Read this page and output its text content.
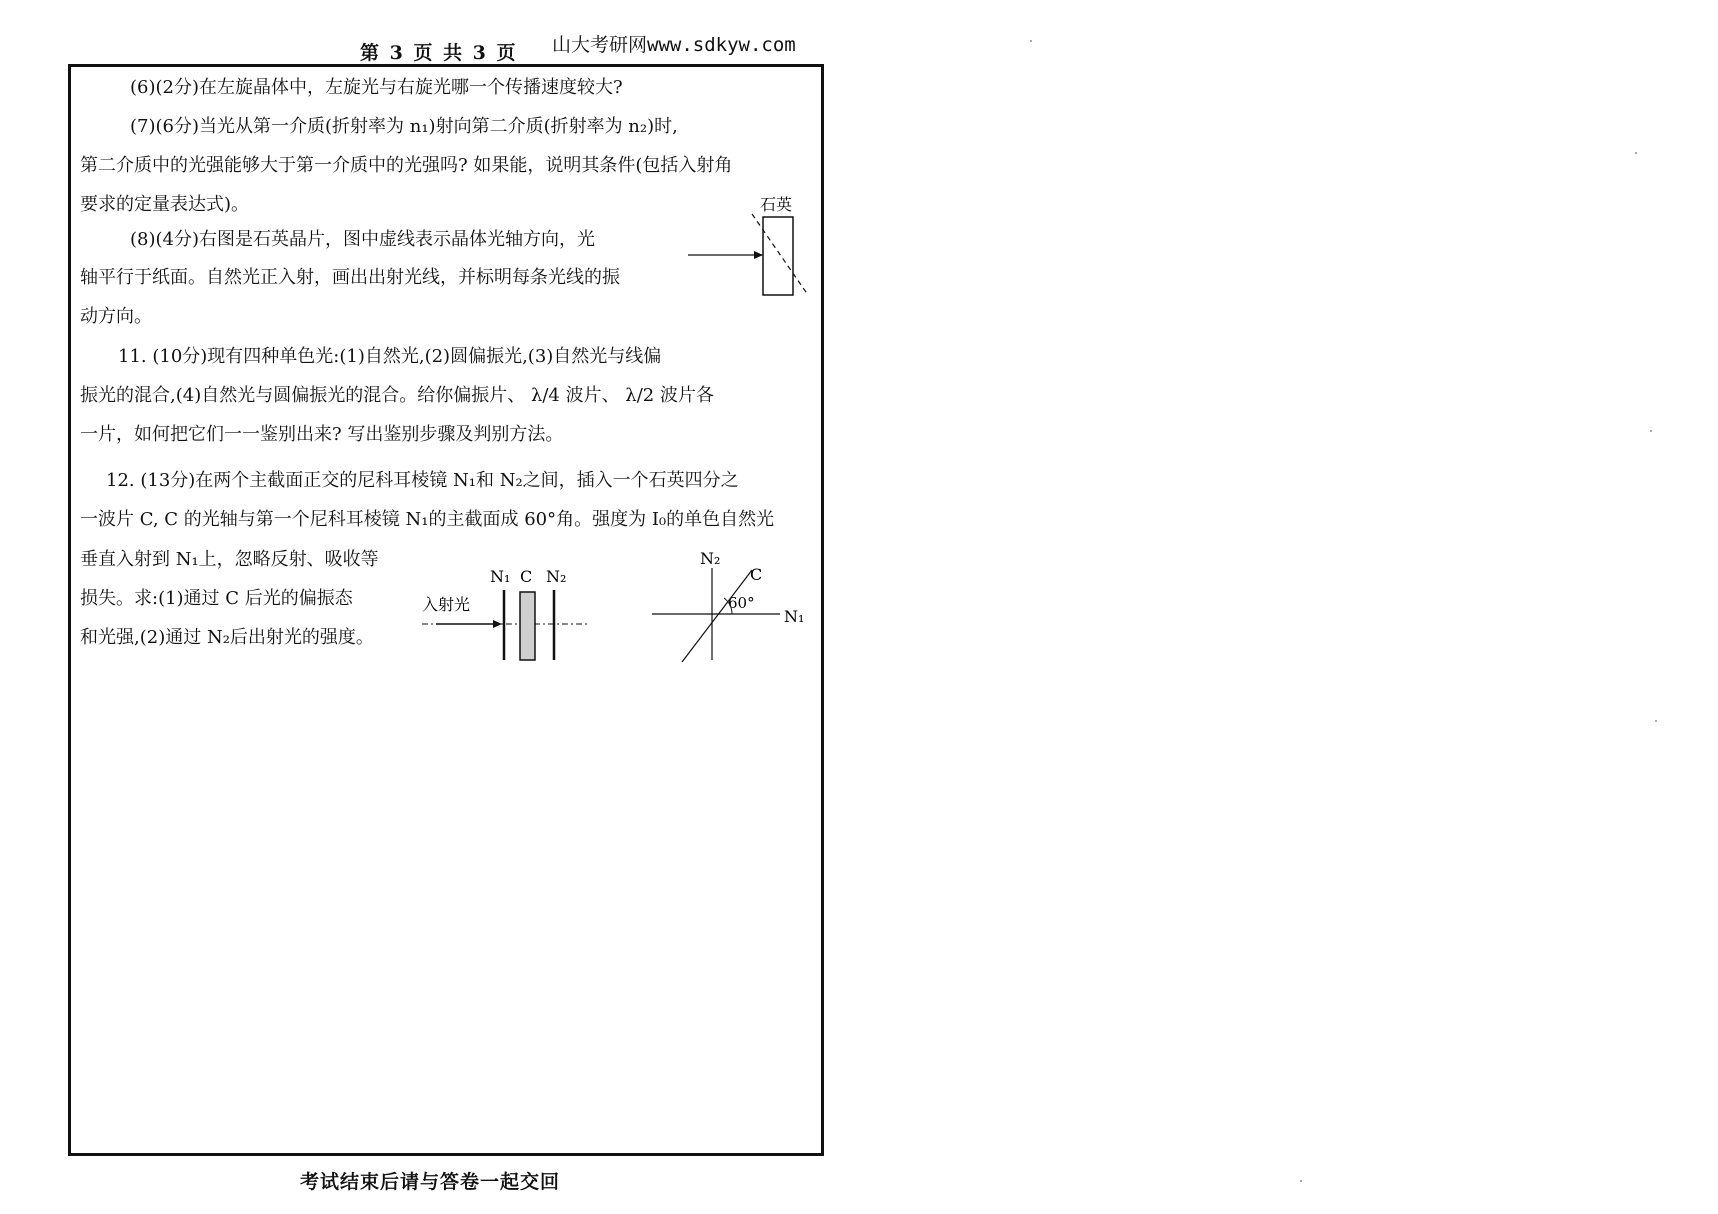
第 3 页 共 3 页 山大考研网www.sdkyw.com
(6)(2分)在左旋晶体中，左旋光与右旋光哪一个传播速度较大?
(7)(6分)当光从第一介质(折射率为 n₁)射向第二介质(折射率为 n₂)时,
第二介质中的光强能够大于第一介质中的光强吗? 如果能，说明其条件(包括入射角
要求的定量表达式)。
(8)(4分)右图是石英晶片，图中虚线表示晶体光轴方向，光
轴平行于纸面。自然光正入射，画出出射光线，并标明每条光线的振
动方向。
11. (10分)现有四种单色光:(1)自然光,(2)圆偏振光,(3)自然光与线偏
振光的混合,(4)自然光与圆偏振光的混合。给你偏振片、 λ/4 波片、 λ/2 波片各
一片，如何把它们一一鉴别出来? 写出鉴别步骤及判别方法。
12. (13分)在两个主截面正交的尼科耳棱镜 N₁和 N₂之间，插入一个石英四分之
一波片 C, C 的光轴与第一个尼科耳棱镜 N₁的主截面成 60°角。强度为 I₀的单色自然光
垂直入射到 N₁上，忽略反射、吸收等
损失。求:(1)通过 C 后光的偏振态
和光强,(2)通过 N₂后出射光的强度。
石英
N₁ C N₂
入射光
N₂
C
60°
N₁
考试结束后请与答卷一起交回
